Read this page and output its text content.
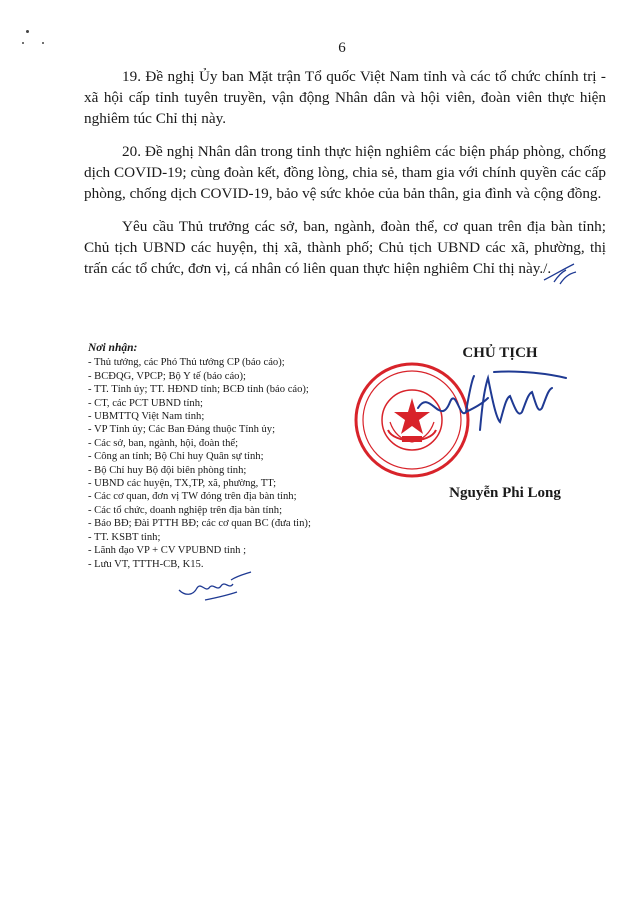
6

19. Đề nghị Ủy ban Mặt trận Tổ quốc Việt Nam tỉnh và các tổ chức chính trị - xã hội cấp tỉnh tuyên truyền, vận động Nhân dân và hội viên, đoàn viên thực hiện nghiêm túc Chỉ thị này.

20. Đề nghị Nhân dân trong tỉnh thực hiện nghiêm các biện pháp phòng, chống dịch COVID-19; cùng đoàn kết, đồng lòng, chia sẻ, tham gia với chính quyền các cấp phòng, chống dịch COVID-19, bảo vệ sức khỏe của bản thân, gia đình và cộng đồng.

Yêu cầu Thủ trưởng các sở, ban, ngành, đoàn thể, cơ quan trên địa bàn tỉnh; Chủ tịch UBND các huyện, thị xã, thành phố; Chủ tịch UBND các xã, phường, thị trấn các tổ chức, đơn vị, cá nhân có liên quan thực hiện nghiêm Chỉ thị này./.

Nơi nhận:
- Thủ tướng, các Phó Thủ tướng CP (báo cáo);
- BCĐQG, VPCP; Bộ Y tế (báo cáo);
- TT. Tỉnh ủy; TT. HĐND tỉnh; BCĐ tỉnh (báo cáo);
- CT, các PCT UBND tỉnh;
- UBMTTQ Việt Nam tỉnh;
- VP Tỉnh ủy; Các Ban Đảng thuộc Tỉnh ủy;
- Các sở, ban, ngành, hội, đoàn thể;
- Công an tỉnh; Bộ Chỉ huy Quân sự tỉnh;
- Bộ Chỉ huy Bộ đội biên phòng tỉnh;
- UBND các huyện, TX,TP, xã, phường, TT;
- Các cơ quan, đơn vị TW đóng trên địa bàn tỉnh;
- Các tổ chức, doanh nghiệp trên địa bàn tỉnh;
- Báo BĐ; Đài PTTH BĐ; các cơ quan BC (đưa tin);
- TT. KSBT tỉnh;
- Lãnh đạo VP + CV VPUBND tỉnh ;
- Lưu VT, TTTH-CB, K15.
CHỦ TỊCH
Nguyễn Phi Long
